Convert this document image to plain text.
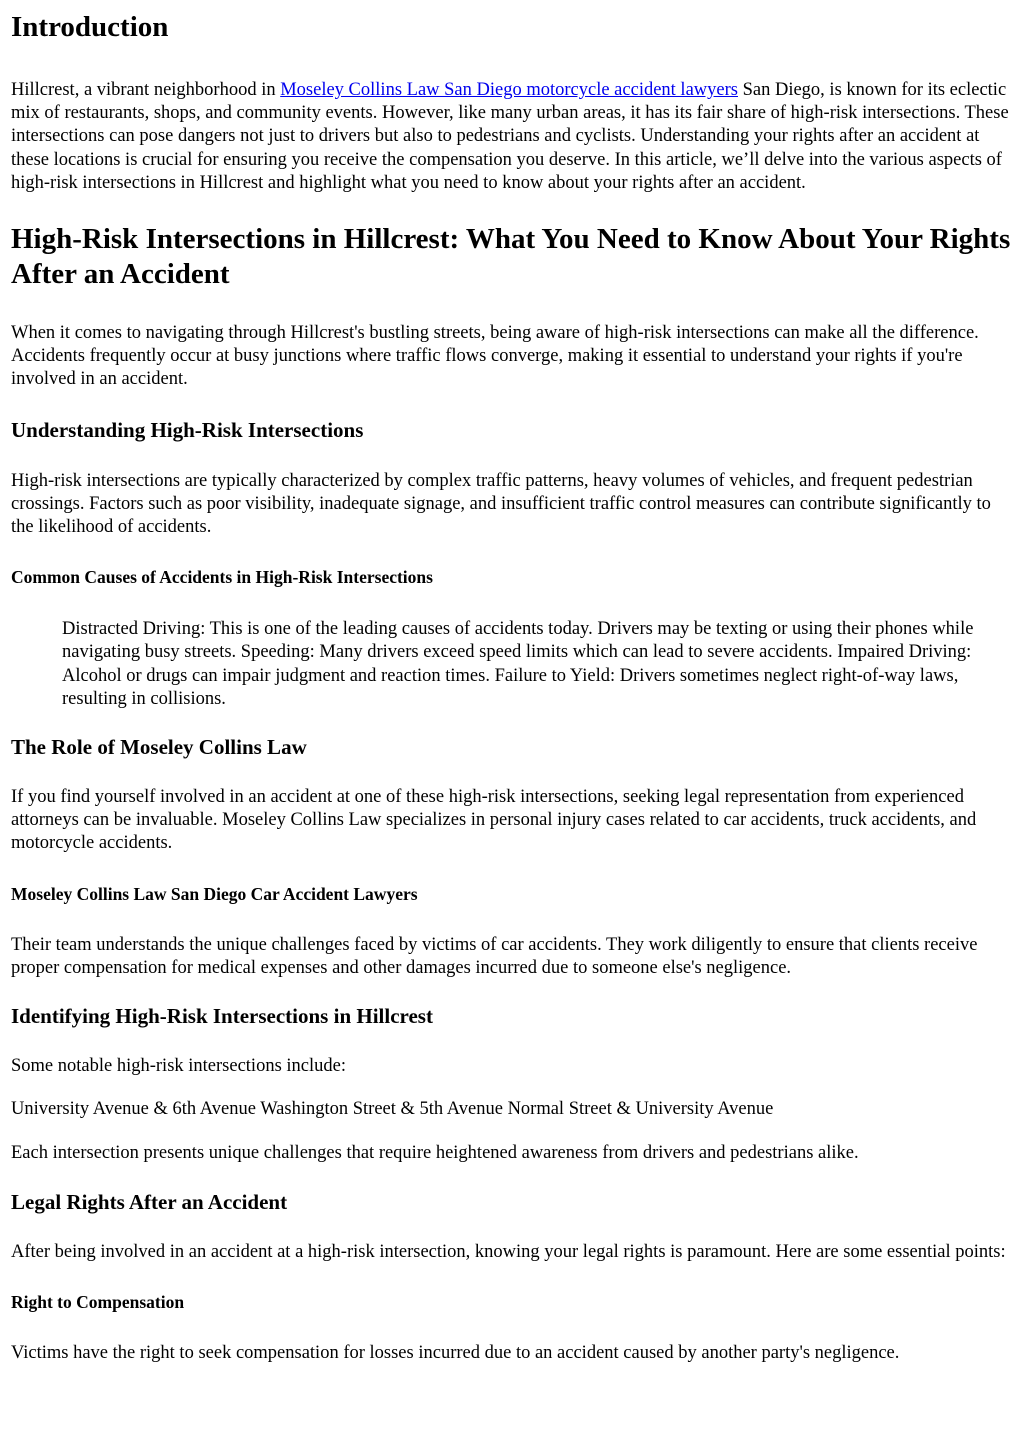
Introduction

Hillcrest, a vibrant neighborhood in Moseley Collins Law San Diego motorcycle accident lawyers San Diego, is known for its eclectic mix of restaurants, shops, and community events. However, like many urban areas, it has its fair share of high-risk intersections. These intersections can pose dangers not just to drivers but also to pedestrians and cyclists. Understanding your rights after an accident at these locations is crucial for ensuring you receive the compensation you deserve. In this article, we’ll delve into the various aspects of high-risk intersections in Hillcrest and highlight what you need to know about your rights after an accident.

High-Risk Intersections in Hillcrest: What You Need to Know About Your Rights After an Accident

When it comes to navigating through Hillcrest's bustling streets, being aware of high-risk intersections can make all the difference. Accidents frequently occur at busy junctions where traffic flows converge, making it essential to understand your rights if you're involved in an accident.

Understanding High-Risk Intersections

High-risk intersections are typically characterized by complex traffic patterns, heavy volumes of vehicles, and frequent pedestrian crossings. Factors such as poor visibility, inadequate signage, and insufficient traffic control measures can contribute significantly to the likelihood of accidents.

Common Causes of Accidents in High-Risk Intersections
Distracted Driving: This is one of the leading causes of accidents today. Drivers may be texting or using their phones while navigating busy streets. Speeding: Many drivers exceed speed limits which can lead to severe accidents. Impaired Driving: Alcohol or drugs can impair judgment and reaction times. Failure to Yield: Drivers sometimes neglect right-of-way laws, resulting in collisions.
The Role of Moseley Collins Law

If you find yourself involved in an accident at one of these high-risk intersections, seeking legal representation from experienced attorneys can be invaluable. Moseley Collins Law specializes in personal injury cases related to car accidents, truck accidents, and motorcycle accidents.

Moseley Collins Law San Diego Car Accident Lawyers

Their team understands the unique challenges faced by victims of car accidents. They work diligently to ensure that clients receive proper compensation for medical expenses and other damages incurred due to someone else's negligence.

Identifying High-Risk Intersections in Hillcrest

Some notable high-risk intersections include:

University Avenue & 6th Avenue Washington Street & 5th Avenue Normal Street & University Avenue

Each intersection presents unique challenges that require heightened awareness from drivers and pedestrians alike.

Legal Rights After an Accident

After being involved in an accident at a high-risk intersection, knowing your legal rights is paramount. Here are some essential points:

Right to Compensation

Victims have the right to seek compensation for losses incurred due to an accident caused by another party's negligence.
